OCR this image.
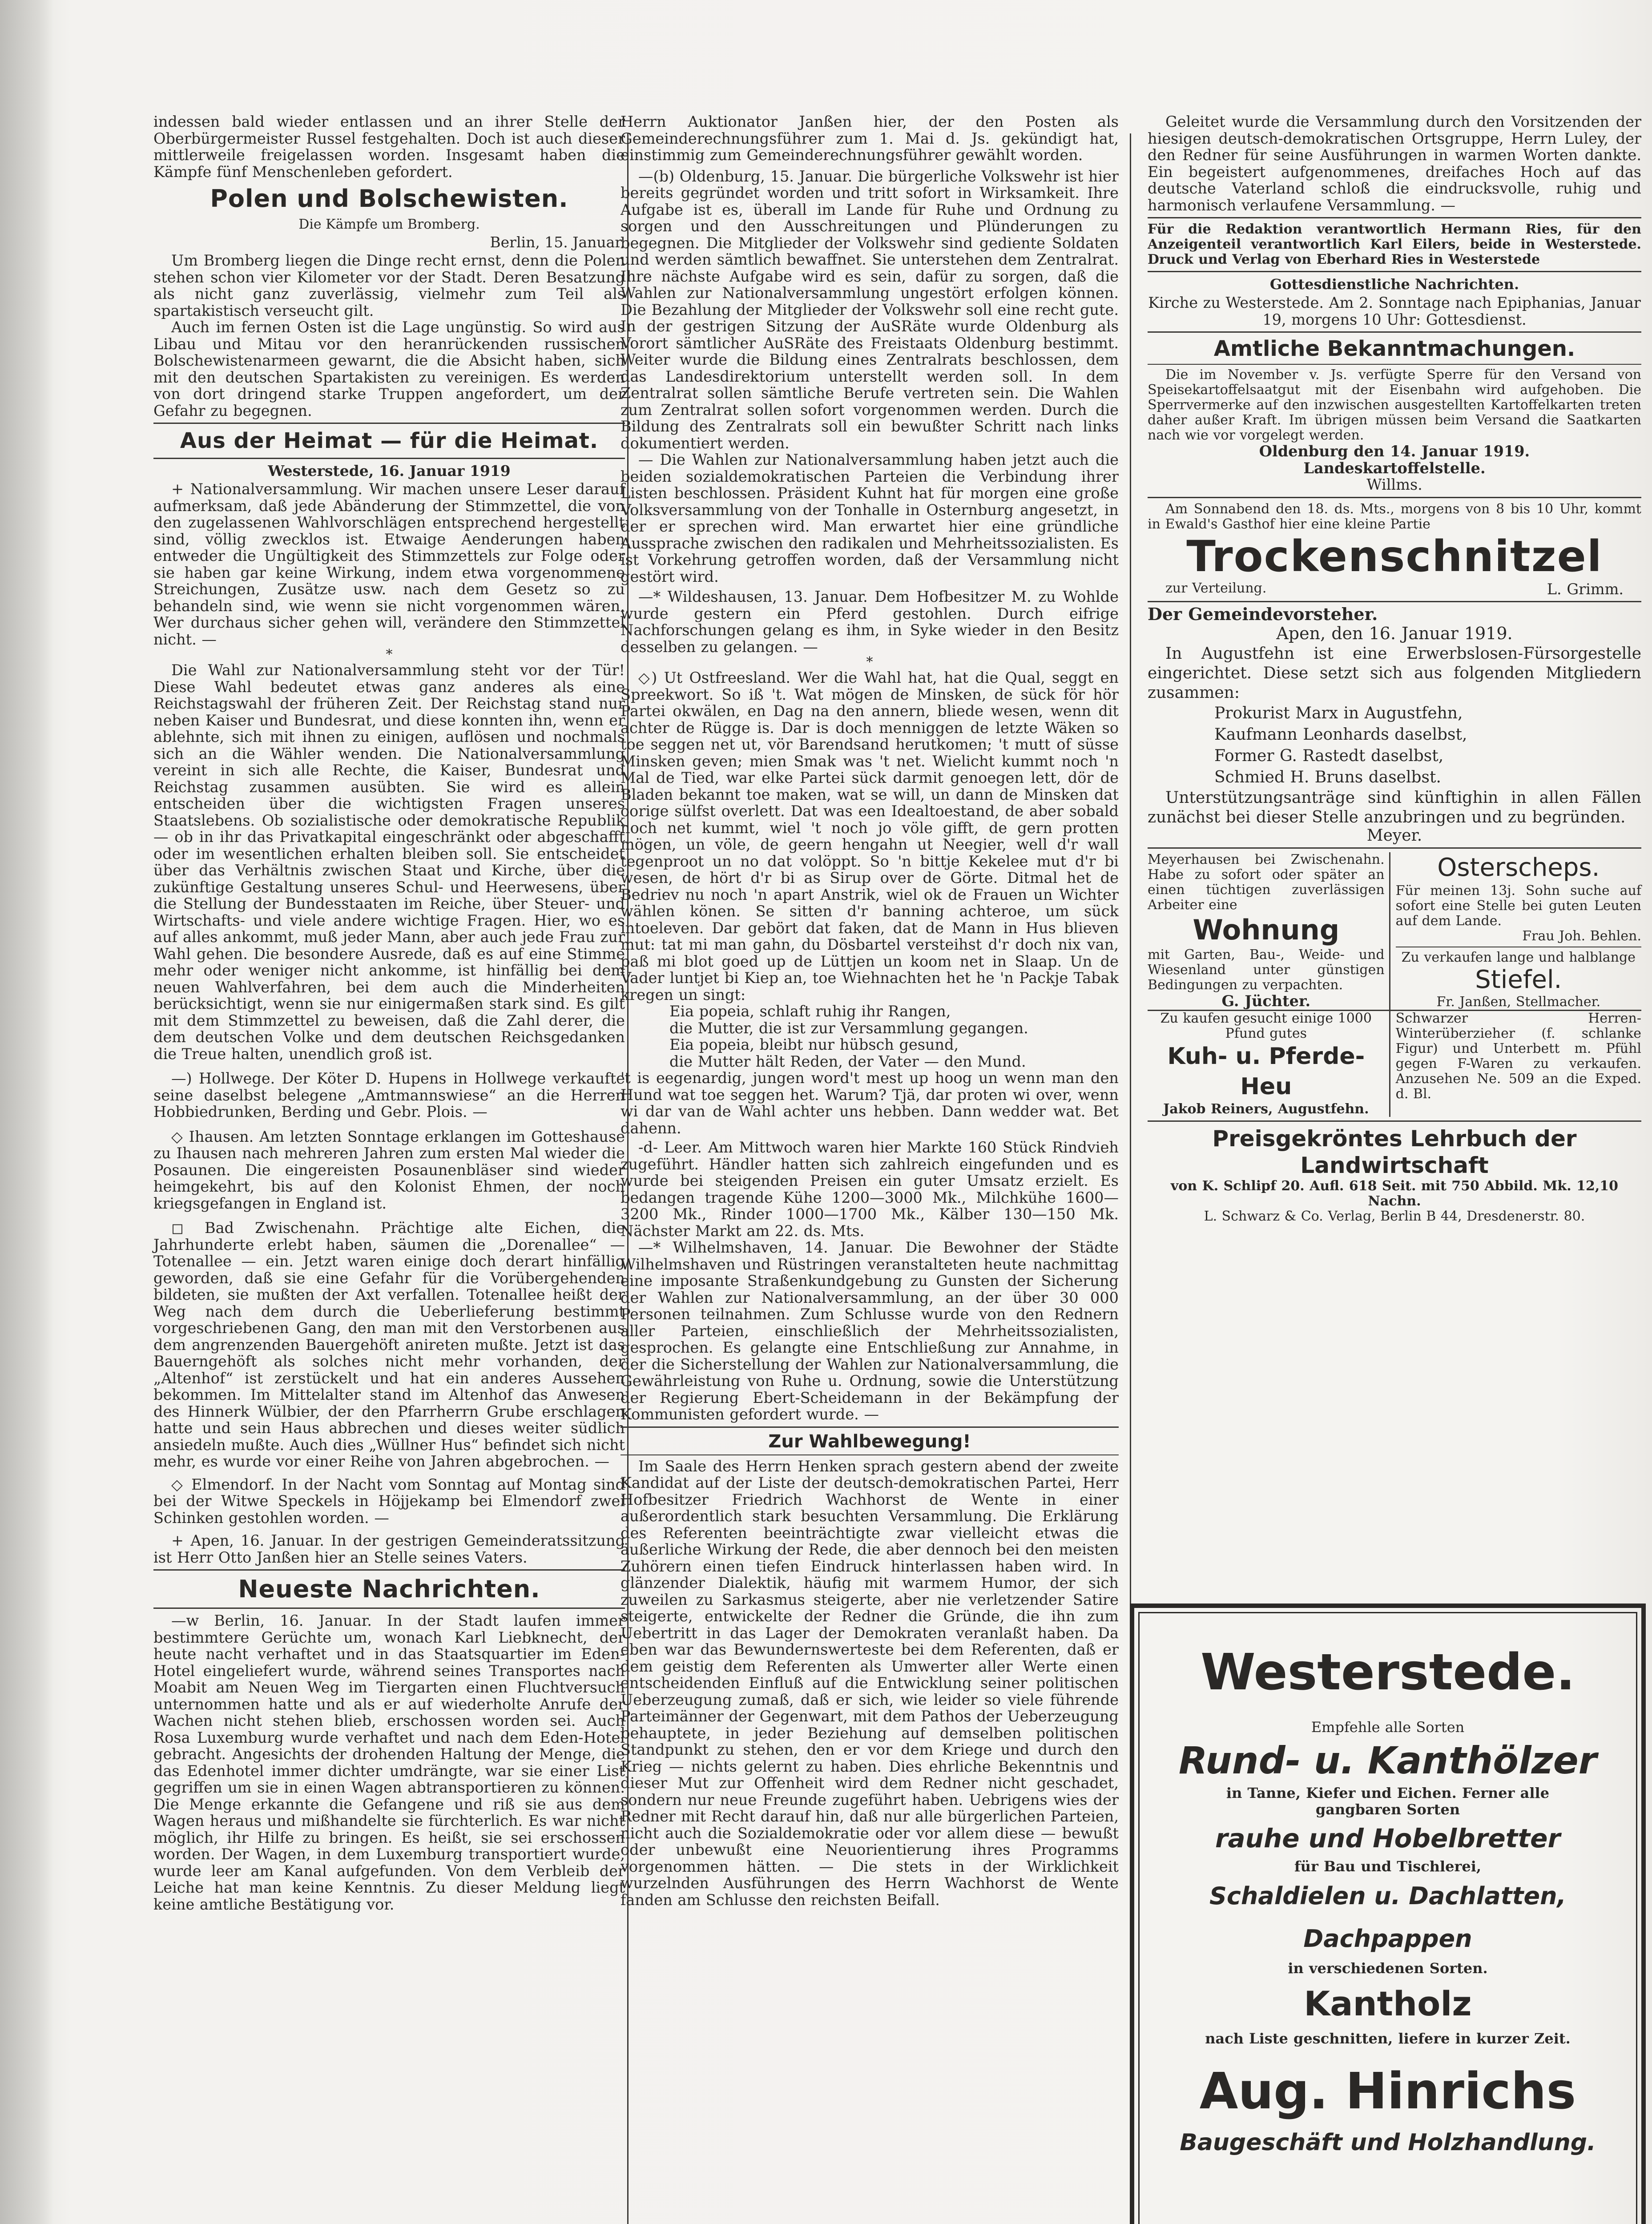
indessen bald wieder entlassen und an ihrer Stelle der Oberbürgermeister Russel festgehalten. Doch ist auch dieser mittlerweile freigelassen worden. Insgesamt haben die Kämpfe fünf Menschenleben gefordert.

Polen und Bolschewisten.
Die Kämpfe um Bromberg.
Berlin, 15. Januar.

Um Bromberg liegen die Dinge recht ernst, denn die Polen stehen schon vier Kilometer vor der Stadt. Deren Besatzung als nicht ganz zuverlässig, vielmehr zum Teil als spartakistisch verseucht gilt.

Auch im fernen Osten ist die Lage ungünstig. So wird aus Libau und Mitau vor den heranrückenden russischen Bolschewistenarmeen gewarnt, die die Absicht haben, sich mit den deutschen Spartakisten zu vereinigen. Es werden von dort dringend starke Truppen angefordert, um der Gefahr zu begegnen.

Aus der Heimat — für die Heimat.
Westerstede, 16. Januar 1919

+ Nationalversammlung. Wir machen unsere Leser darauf aufmerksam, daß jede Abänderung der Stimmzettel, die von den zugelassenen Wahlvorschlägen entsprechend hergestellt sind, völlig zwecklos ist. Etwaige Aenderungen haben entweder die Ungültigkeit des Stimmzettels zur Folge oder sie haben gar keine Wirkung, indem etwa vorgenommene Streichungen, Zusätze usw. nach dem Gesetz so zu behandeln sind, wie wenn sie nicht vorgenommen wären. Wer durchaus sicher gehen will, verändere den Stimmzettel nicht. —

*

Die Wahl zur Nationalversammlung steht vor der Tür! Diese Wahl bedeutet etwas ganz anderes als eine Reichstagswahl der früheren Zeit. Der Reichstag stand nur neben Kaiser und Bundesrat, und diese konnten ihn, wenn er ablehnte, sich mit ihnen zu einigen, auflösen und nochmals sich an die Wähler wenden. Die Nationalversammlung vereint in sich alle Rechte, die Kaiser, Bundesrat und Reichstag zusammen ausübten. Sie wird es allein entscheiden über die wichtigsten Fragen unseres Staatslebens. Ob sozialistische oder demokratische Republik — ob in ihr das Privatkapital eingeschränkt oder abgeschafft oder im wesentlichen erhalten bleiben soll. Sie entscheidet über das Verhältnis zwischen Staat und Kirche, über die zukünftige Gestaltung unseres Schul- und Heerwesens, über die Stellung der Bundesstaaten im Reiche, über Steuer- und Wirtschafts- und viele andere wichtige Fragen. Hier, wo es auf alles ankommt, muß jeder Mann, aber auch jede Frau zur Wahl gehen. Die besondere Ausrede, daß es auf eine Stimme mehr oder weniger nicht ankomme, ist hinfällig bei dem neuen Wahlverfahren, bei dem auch die Minderheiten berücksichtigt, wenn sie nur einigermaßen stark sind. Es gilt mit dem Stimmzettel zu beweisen, daß die Zahl derer, die dem deutschen Volke und dem deutschen Reichsgedanken die Treue halten, unendlich groß ist.

—) Hollwege. Der Köter D. Hupens in Hollwege verkaufte seine daselbst belegene „Amtmannswiese“ an die Herren Hobbiedrunken, Berding und Gebr. Plois. —

◇ Ihausen. Am letzten Sonntage erklangen im Gotteshause zu Ihausen nach mehreren Jahren zum ersten Mal wieder die Posaunen. Die eingereisten Posaunenbläser sind wieder heimgekehrt, bis auf den Kolonist Ehmen, der noch kriegsgefangen in England ist.

◻ Bad Zwischenahn. Prächtige alte Eichen, die Jahrhunderte erlebt haben, säumen die „Dorenallee“ — Totenallee — ein. Jetzt waren einige doch derart hinfällig geworden, daß sie eine Gefahr für die Vorübergehenden bildeten, sie mußten der Axt verfallen. Totenallee heißt der Weg nach dem durch die Ueberlieferung bestimmt vorgeschriebenen Gang, den man mit den Verstorbenen aus dem angrenzenden Bauergehöft anireten mußte. Jetzt ist das Bauerngehöft als solches nicht mehr vorhanden, der „Altenhof“ ist zerstückelt und hat ein anderes Aussehen bekommen. Im Mittelalter stand im Altenhof das Anwesen des Hinnerk Wülbier, der den Pfarrherrn Grube erschlagen hatte und sein Haus abbrechen und dieses weiter südlich ansiedeln mußte. Auch dies „Wüllner Hus“ befindet sich nicht mehr, es wurde vor einer Reihe von Jahren abgebrochen. —

◇ Elmendorf. In der Nacht vom Sonntag auf Montag sind bei der Witwe Speckels in Höjjekamp bei Elmendorf zwei Schinken gestohlen worden. —

+ Apen, 16. Januar. In der gestrigen Gemeinderatssitzung ist Herr Otto Janßen hier an Stelle seines Vaters.

Neueste Nachrichten.

—w Berlin, 16. Januar. In der Stadt laufen immer bestimmtere Gerüchte um, wonach Karl Liebknecht, der heute nacht verhaftet und in das Staatsquartier im Eden-Hotel eingeliefert wurde, während seines Transportes nach Moabit am Neuen Weg im Tiergarten einen Fluchtversuch unternommen hatte und als er auf wiederholte Anrufe der Wachen nicht stehen blieb, erschossen worden sei. Auch Rosa Luxemburg wurde verhaftet und nach dem Eden-Hotel gebracht. Angesichts der drohenden Haltung der Menge, die das Edenhotel immer dichter umdrängte, war sie einer List gegriffen um sie in einen Wagen abtransportieren zu können. Die Menge erkannte die Gefangene und riß sie aus dem Wagen heraus und mißhandelte sie fürchterlich. Es war nicht möglich, ihr Hilfe zu bringen. Es heißt, sie sei erschossen worden. Der Wagen, in dem Luxemburg transportiert wurde, wurde leer am Kanal aufgefunden. Von dem Verbleib der Leiche hat man keine Kenntnis. Zu dieser Meldung liegt keine amtliche Bestätigung vor.

Herrn Auktionator Janßen hier, der den Posten als Gemeinderechnungsführer zum 1. Mai d. Js. gekündigt hat, einstimmig zum Gemeinderechnungsführer gewählt worden.

—(b) Oldenburg, 15. Januar. Die bürgerliche Volkswehr ist hier bereits gegründet worden und tritt sofort in Wirksamkeit. Ihre Aufgabe ist es, überall im Lande für Ruhe und Ordnung zu sorgen und den Ausschreitungen und Plünderungen zu begegnen. Die Mitglieder der Volkswehr sind gediente Soldaten und werden sämtlich bewaffnet. Sie unterstehen dem Zentralrat. Ihre nächste Aufgabe wird es sein, dafür zu sorgen, daß die Wahlen zur Nationalversammlung ungestört erfolgen können. Die Bezahlung der Mitglieder der Volkswehr soll eine recht gute. In der gestrigen Sitzung der AuSRäte wurde Oldenburg als Vorort sämtlicher AuSRäte des Freistaats Oldenburg bestimmt. Weiter wurde die Bildung eines Zentralrats beschlossen, dem das Landesdirektorium unterstellt werden soll. In dem Zentralrat sollen sämtliche Berufe vertreten sein. Die Wahlen zum Zentralrat sollen sofort vorgenommen werden. Durch die Bildung des Zentralrats soll ein bewußter Schritt nach links dokumentiert werden.

— Die Wahlen zur Nationalversammlung haben jetzt auch die beiden sozialdemokratischen Parteien die Verbindung ihrer Listen beschlossen. Präsident Kuhnt hat für morgen eine große Volksversammlung von der Tonhalle in Osternburg angesetzt, in der er sprechen wird. Man erwartet hier eine gründliche Aussprache zwischen den radikalen und Mehrheitssozialisten. Es ist Vorkehrung getroffen worden, daß der Versammlung nicht gestört wird.

—* Wildeshausen, 13. Januar. Dem Hofbesitzer M. zu Wohlde wurde gestern ein Pferd gestohlen. Durch eifrige Nachforschungen gelang es ihm, in Syke wieder in den Besitz desselben zu gelangen. —

*

◇) Ut Ostfreesland. Wer die Wahl hat, hat die Qual, seggt en Spreekwort. So iß 't. Wat mögen de Minsken, de sück för hör Partei okwälen, en Dag na den annern, bliede wesen, wenn dit achter de Rügge is. Dar is doch menniggen de letzte Wäken so toe seggen net ut, vör Barendsand herutkomen; 't mutt of süsse Minsken geven; mien Smak was 't net. Wielicht kummt noch 'n Mal de Tied, war elke Partei sück darmit genoegen lett, dör de Bladen bekannt toe maken, wat se will, un dann de Minsken dat oorige sülfst overlett. Dat was een Idealtoestand, de aber sobald noch net kummt, wiel 't noch jo völe gifft, de gern protten mögen, un völe, de geern hengahn ut Neegier, well d'r wall tegenproot un no dat volöppt. So 'n bittje Kekelee mut d'r bi wesen, de hört d'r bi as Sirup over de Görte. Ditmal het de Bedriev nu noch 'n apart Anstrik, wiel ok de Frauen un Wichter wählen könen. Se sitten d'r banning achteroe, um sück intoeleven. Dar gebört dat faken, dat de Mann in Hus blieven mut: tat mi man gahn, du Dösbartel versteihst d'r doch nix van, paß mi blot goed up de Lüttjen un koom net in Slaap. Un de Vader luntjet bi Kiep an, toe Wiehnachten het he 'n Packje Tabak kregen un singt:

Eia popeia, schlaft ruhig ihr Rangen,
die Mutter, die ist zur Versammlung gegangen.
Eia popeia, bleibt nur hübsch gesund,
die Mutter hält Reden, der Vater — den Mund.

't is eegenardig, jungen word't mest up hoog un wenn man den Hund wat toe seggen het. Warum? Tjä, dar proten wi over, wenn wi dar van de Wahl achter uns hebben. Dann wedder wat. Bet dahenn.

-d- Leer. Am Mittwoch waren hier Markte 160 Stück Rindvieh zugeführt. Händler hatten sich zahlreich eingefunden und es wurde bei steigenden Preisen ein guter Umsatz erzielt. Es bedangen tragende Kühe 1200—3000 Mk., Milchkühe 1600—3200 Mk., Rinder 1000—1700 Mk., Kälber 130—150 Mk. Nächster Markt am 22. ds. Mts.

—* Wilhelmshaven, 14. Januar. Die Bewohner der Städte Wilhelmshaven und Rüstringen veranstalteten heute nachmittag eine imposante Straßenkundgebung zu Gunsten der Sicherung der Wahlen zur Nationalversammlung, an der über 30 000 Personen teilnahmen. Zum Schlusse wurde von den Rednern aller Parteien, einschließlich der Mehrheitssozialisten, gesprochen. Es gelangte eine Entschließung zur Annahme, in der die Sicherstellung der Wahlen zur Nationalversammlung, die Gewährleistung von Ruhe u. Ordnung, sowie die Unterstützung der Regierung Ebert-Scheidemann in der Bekämpfung der Kommunisten gefordert wurde. —

Zur Wahlbewegung!

Im Saale des Herrn Henken sprach gestern abend der zweite Kandidat auf der Liste der deutsch-demokratischen Partei, Herr Hofbesitzer Friedrich Wachhorst de Wente in einer außerordentlich stark besuchten Versammlung. Die Erklärung des Referenten beeinträchtigte zwar vielleicht etwas die äußerliche Wirkung der Rede, die aber dennoch bei den meisten Zuhörern einen tiefen Eindruck hinterlassen haben wird. In glänzender Dialektik, häufig mit warmem Humor, der sich zuweilen zu Sarkasmus steigerte, aber nie verletzender Satire steigerte, entwickelte der Redner die Gründe, die ihn zum Uebertritt in das Lager der Demokraten veranlaßt haben. Da eben war das Bewundernswerteste bei dem Referenten, daß er dem geistig dem Referenten als Umwerter aller Werte einen entscheidenden Einfluß auf die Entwicklung seiner politischen Ueberzeugung zumaß, daß er sich, wie leider so viele führende Parteimänner der Gegenwart, mit dem Pathos der Ueberzeugung behauptete, in jeder Beziehung auf demselben politischen Standpunkt zu stehen, den er vor dem Kriege und durch den Krieg — nichts gelernt zu haben. Dies ehrliche Bekenntnis und dieser Mut zur Offenheit wird dem Redner nicht geschadet, sondern nur neue Freunde zugeführt haben. Uebrigens wies der Redner mit Recht darauf hin, daß nur alle bürgerlichen Parteien, nicht auch die Sozialdemokratie oder vor allem diese — bewußt oder unbewußt eine Neuorientierung ihres Programms vorgenommen hätten. — Die stets in der Wirklichkeit wurzelnden Ausführungen des Herrn Wachhorst de Wente fanden am Schlusse den reichsten Beifall.

Geleitet wurde die Versammlung durch den Vorsitzenden der hiesigen deutsch-demokratischen Ortsgruppe, Herrn Luley, der den Redner für seine Ausführungen in warmen Worten dankte. Ein begeistert aufgenommenes, dreifaches Hoch auf das deutsche Vaterland schloß die eindrucksvolle, ruhig und harmonisch verlaufene Versammlung. —

Für die Redaktion verantwortlich Hermann Ries, für den Anzeigenteil verantwortlich Karl Eilers, beide in Westerstede. Druck und Verlag von Eberhard Ries in Westerstede

Gottesdienstliche Nachrichten.

Kirche zu Westerstede. Am 2. Sonntage nach Epiphanias, Januar 19, morgens 10 Uhr: Gottesdienst.

Amtliche Bekanntmachungen.

Die im November v. Js. verfügte Sperre für den Versand von Speisekartoffelsaatgut mit der Eisenbahn wird aufgehoben. Die Sperrvermerke auf den inzwischen ausgestellten Kartoffelkarten treten daher außer Kraft. Im übrigen müssen beim Versand die Saatkarten nach wie vor vorgelegt werden.

Oldenburg den 14. Januar 1919.
Landeskartoffelstelle.
Willms.

Am Sonnabend den 18. ds. Mts., morgens von 8 bis 10 Uhr, kommt in Ewald's Gasthof hier eine kleine Partie

Trockenschnitzel
zur Verteilung.	L. Grimm.
Der Gemeindevorsteher.
Apen, den 16. Januar 1919.

In Augustfehn ist eine Erwerbslosen-Fürsorgestelle eingerichtet. Diese setzt sich aus folgenden Mitgliedern zusammen:

Prokurist Marx in Augustfehn,
Kaufmann Leonhards daselbst,
Former G. Rastedt daselbst,
Schmied H. Bruns daselbst.

Unterstützungsanträge sind künftighin in allen Fällen zunächst bei dieser Stelle anzubringen und zu begründen.

Meyer.

Meyerhausen bei Zwischenahn. Habe zu sofort oder später an einen tüchtigen zuverlässigen Arbeiter eine

Wohnung

mit Garten, Bau-, Weide- und Wiesenland unter günstigen Bedingungen zu verpachten.

G. Jüchter.
Osterscheps.

Für meinen 13j. Sohn suche auf sofort eine Stelle bei guten Leuten auf dem Lande.

Frau Joh. Behlen.

Zu verkaufen lange und halblange

Stiefel.
Fr. Janßen, Stellmacher.

Zu kaufen gesucht einige 1000 Pfund gutes

Kuh- u. Pferde-Heu
Jakob Reiners, Augustfehn.

Schwarzer Herren-Winterüberzieher (f. schlanke Figur) und Unterbett m. Pfühl gegen F-Waren zu verkaufen. Anzusehen Ne. 509 an die Exped. d. Bl.

Preisgekröntes Lehrbuch der Landwirtschaft
von K. Schlipf 20. Aufl. 618 Seit. mit 750 Abbild. Mk. 12,10 Nachn.
L. Schwarz & Co. Verlag, Berlin B 44, Dresdenerstr. 80.
Westerstede.
Empfehle alle Sorten
Rund- u. Kanthölzer
in Tanne, Kiefer und Eichen. Ferner alle gangbaren Sorten
rauhe und Hobelbretter
für Bau und Tischlerei,
Schaldielen u. Dachlatten, Dachpappen
in verschiedenen Sorten.
Kantholz
nach Liste geschnitten, liefere in kurzer Zeit.
Aug. Hinrichs
Baugeschäft und Holzhandlung.
